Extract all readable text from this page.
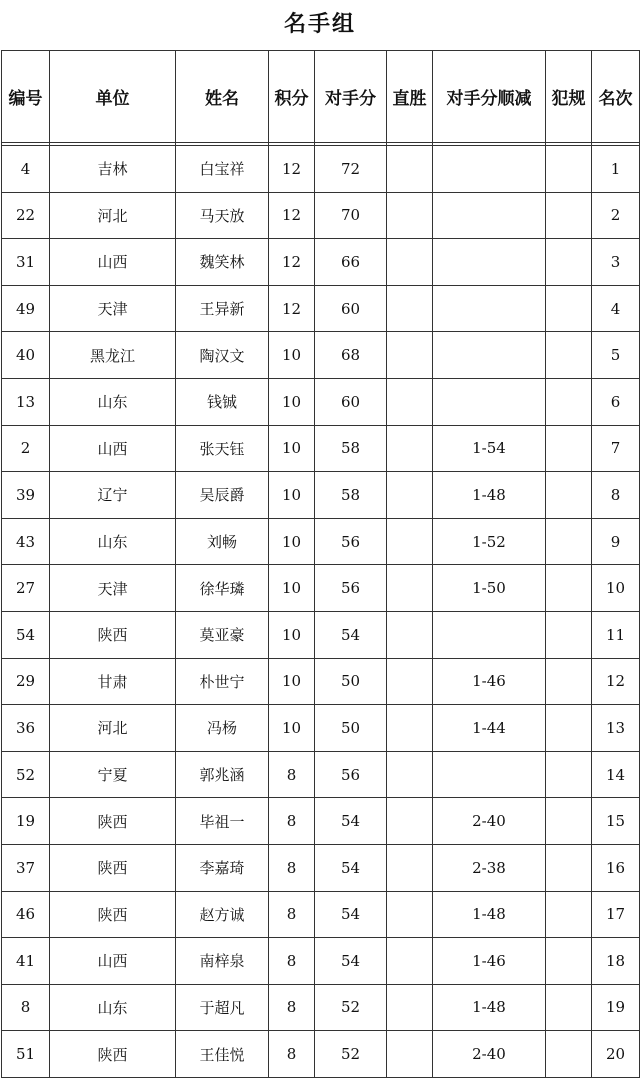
名手组
编号	单位	姓名	积分	对手分	直胜	对手分顺减	犯规	名次

4	吉林	白宝祥	12	72				1
22	河北	马天放	12	70				2
31	山西	魏笑林	12	66				3
49	天津	王异新	12	60				4
40	黑龙江	陶汉文	10	68				5
13	山东	钱铖	10	60				6
2	山西	张天钰	10	58		1-54		7
39	辽宁	吴辰爵	10	58		1-48		8
43	山东	刘畅	10	56		1-52		9
27	天津	徐华璘	10	56		1-50		10
54	陕西	莫亚豪	10	54				11
29	甘肃	朴世宁	10	50		1-46		12
36	河北	冯杨	10	50		1-44		13
52	宁夏	郭兆涵	8	56				14
19	陕西	毕祖一	8	54		2-40		15
37	陕西	李嘉琦	8	54		2-38		16
46	陕西	赵方诚	8	54		1-48		17
41	山西	南梓泉	8	54		1-46		18
8	山东	于超凡	8	52		1-48		19
51	陕西	王佳悦	8	52		2-40		20
